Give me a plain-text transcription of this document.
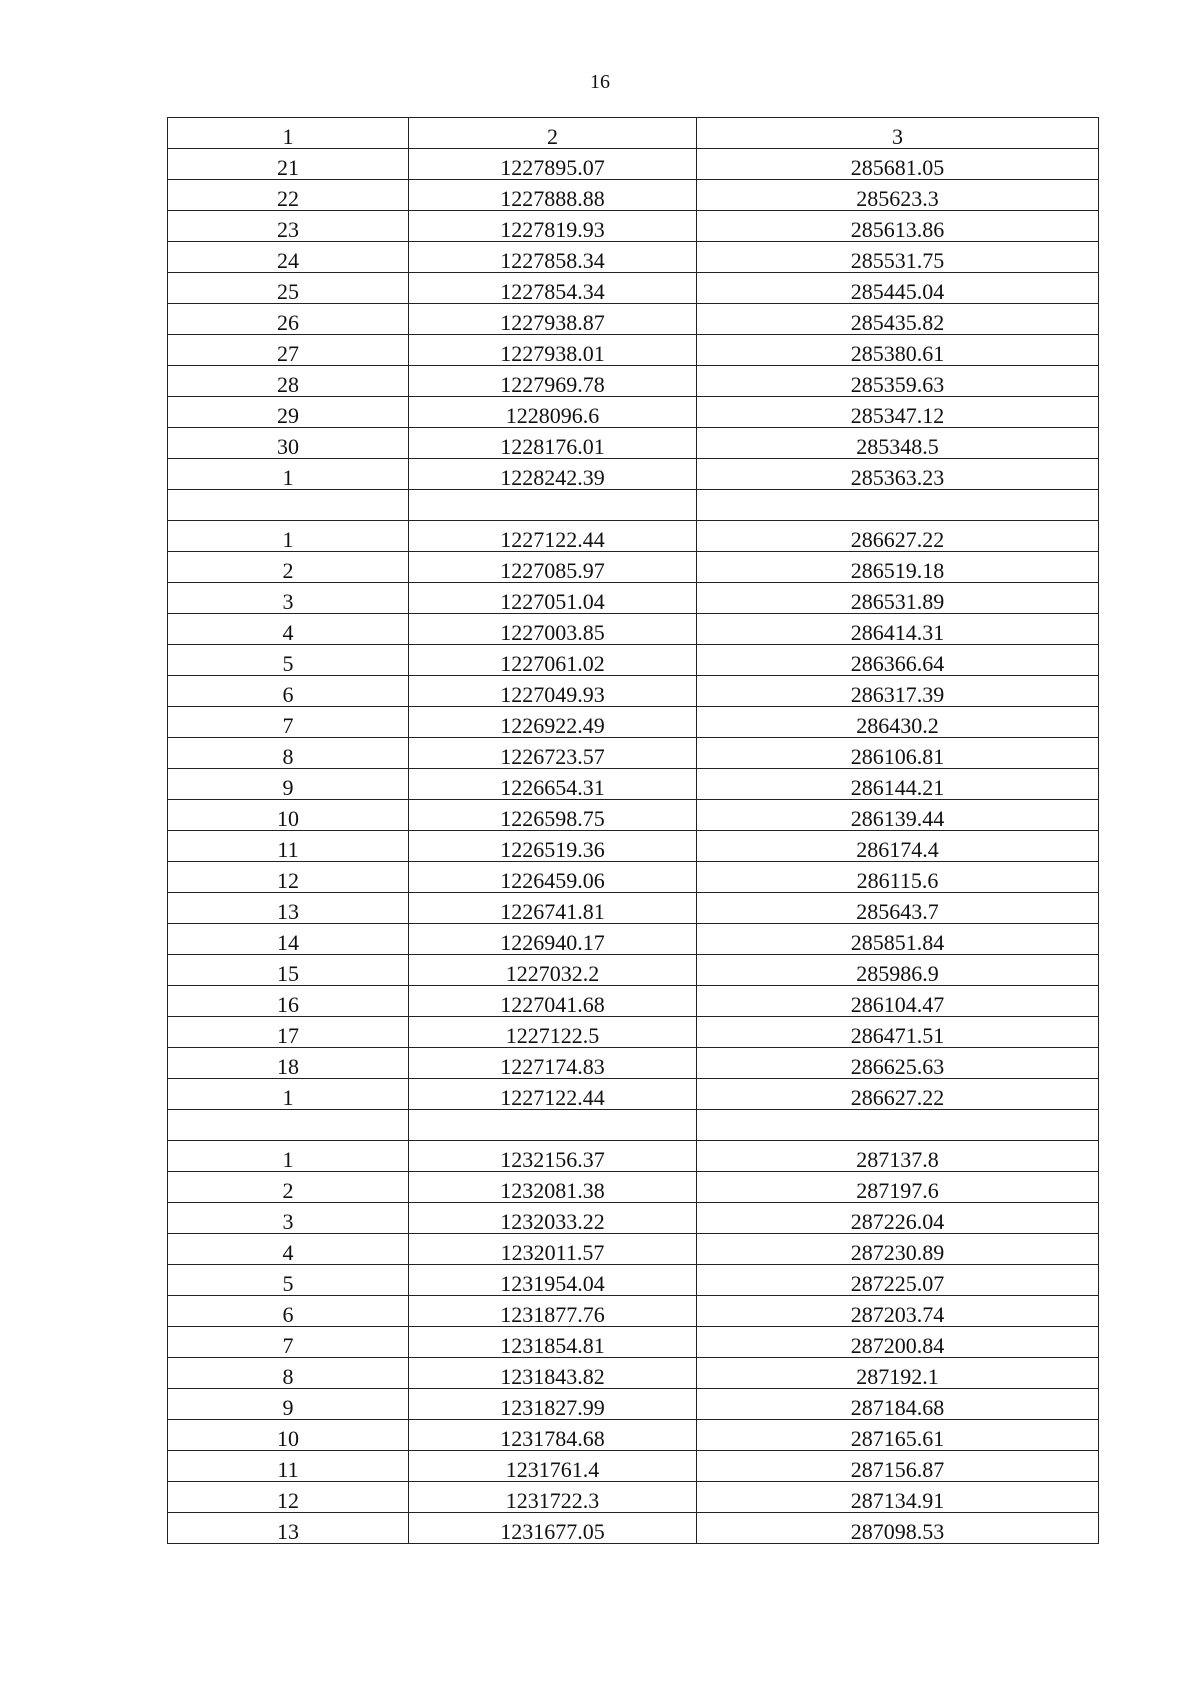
16
1	2	3
21	1227895.07	285681.05
22	1227888.88	285623.3
23	1227819.93	285613.86
24	1227858.34	285531.75
25	1227854.34	285445.04
26	1227938.87	285435.82
27	1227938.01	285380.61
28	1227969.78	285359.63
29	1228096.6	285347.12
30	1228176.01	285348.5
1	1228242.39	285363.23

1	1227122.44	286627.22
2	1227085.97	286519.18
3	1227051.04	286531.89
4	1227003.85	286414.31
5	1227061.02	286366.64
6	1227049.93	286317.39
7	1226922.49	286430.2
8	1226723.57	286106.81
9	1226654.31	286144.21
10	1226598.75	286139.44
11	1226519.36	286174.4
12	1226459.06	286115.6
13	1226741.81	285643.7
14	1226940.17	285851.84
15	1227032.2	285986.9
16	1227041.68	286104.47
17	1227122.5	286471.51
18	1227174.83	286625.63
1	1227122.44	286627.22

1	1232156.37	287137.8
2	1232081.38	287197.6
3	1232033.22	287226.04
4	1232011.57	287230.89
5	1231954.04	287225.07
6	1231877.76	287203.74
7	1231854.81	287200.84
8	1231843.82	287192.1
9	1231827.99	287184.68
10	1231784.68	287165.61
11	1231761.4	287156.87
12	1231722.3	287134.91
13	1231677.05	287098.53
